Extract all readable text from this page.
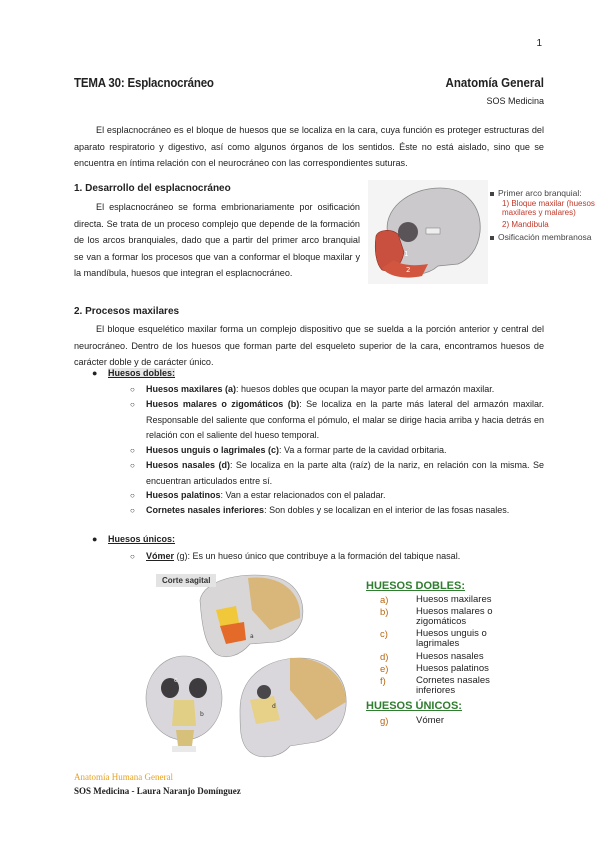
1
TEMA 30: Esplacnocráneo	Anatomía General
SOS Medicina
El esplacnocráneo es el bloque de huesos que se localiza en la cara, cuya función es proteger estructuras del aparato respiratorio y digestivo, así como algunos órganos de los sentidos. Éste no está aislado, sino que se encuentra en íntima relación con el neurocráneo con las correspondientes suturas.
1. Desarrollo del esplacnocráneo
El esplacnocráneo se forma embrionariamente por osificación directa. Se trata de un proceso complejo que depende de la formación de los arcos branquiales, dado que a partir del primer arco branquial se van a formar los procesos que van a conformar el bloque maxilar y la mandíbula, huesos que integran el esplacnocráneo.
1
2
Primer arco branquial:
1) Bloque maxilar (huesos maxilares y malares)
2) Mandíbula
Osificación membranosa
2. Procesos maxilares
El bloque esquelético maxilar forma un complejo dispositivo que se suelda a la porción anterior y central del neurocráneo. Dentro de los huesos que forman parte del esqueleto superior de la cara, encontramos huesos de carácter doble y de carácter único.
● Huesos dobles:
○ Huesos maxilares (a): huesos dobles que ocupan la mayor parte del armazón maxilar.
○ Huesos malares o zigomáticos (b): Se localiza en la parte más lateral del armazón maxilar. Responsable del saliente que conforma el pómulo, el malar se dirige hacia arriba y hacia detrás en relación con el saliente del hueso temporal.
○ Huesos unguis o lagrimales (c): Va a formar parte de la cavidad orbitaria.
○ Huesos nasales (d): Se localiza en la parte alta (raíz) de la nariz, en relación con la misma. Se encuentran articulados entre sí.
○ Huesos palatinos: Van a estar relacionados con el paladar.
○ Cornetes nasales inferiores: Son dobles y se localizan en el interior de las fosas nasales.
● Huesos únicos:
○ Vómer (g): Es un hueso único que contribuye a la formación del tabique nasal.
a
c
b
d
Corte sagital	HUESOS DOBLES:
a)	Huesos maxilares
b)	Huesos malares o zigomáticos
c)	Huesos unguis o lagrimales
d)	Huesos nasales
e)	Huesos palatinos
f)	Cornetes nasales inferiores
HUESOS ÚNICOS:
g)	Vómer
Anatomía Humana General
SOS Medicina - Laura Naranjo Domínguez
